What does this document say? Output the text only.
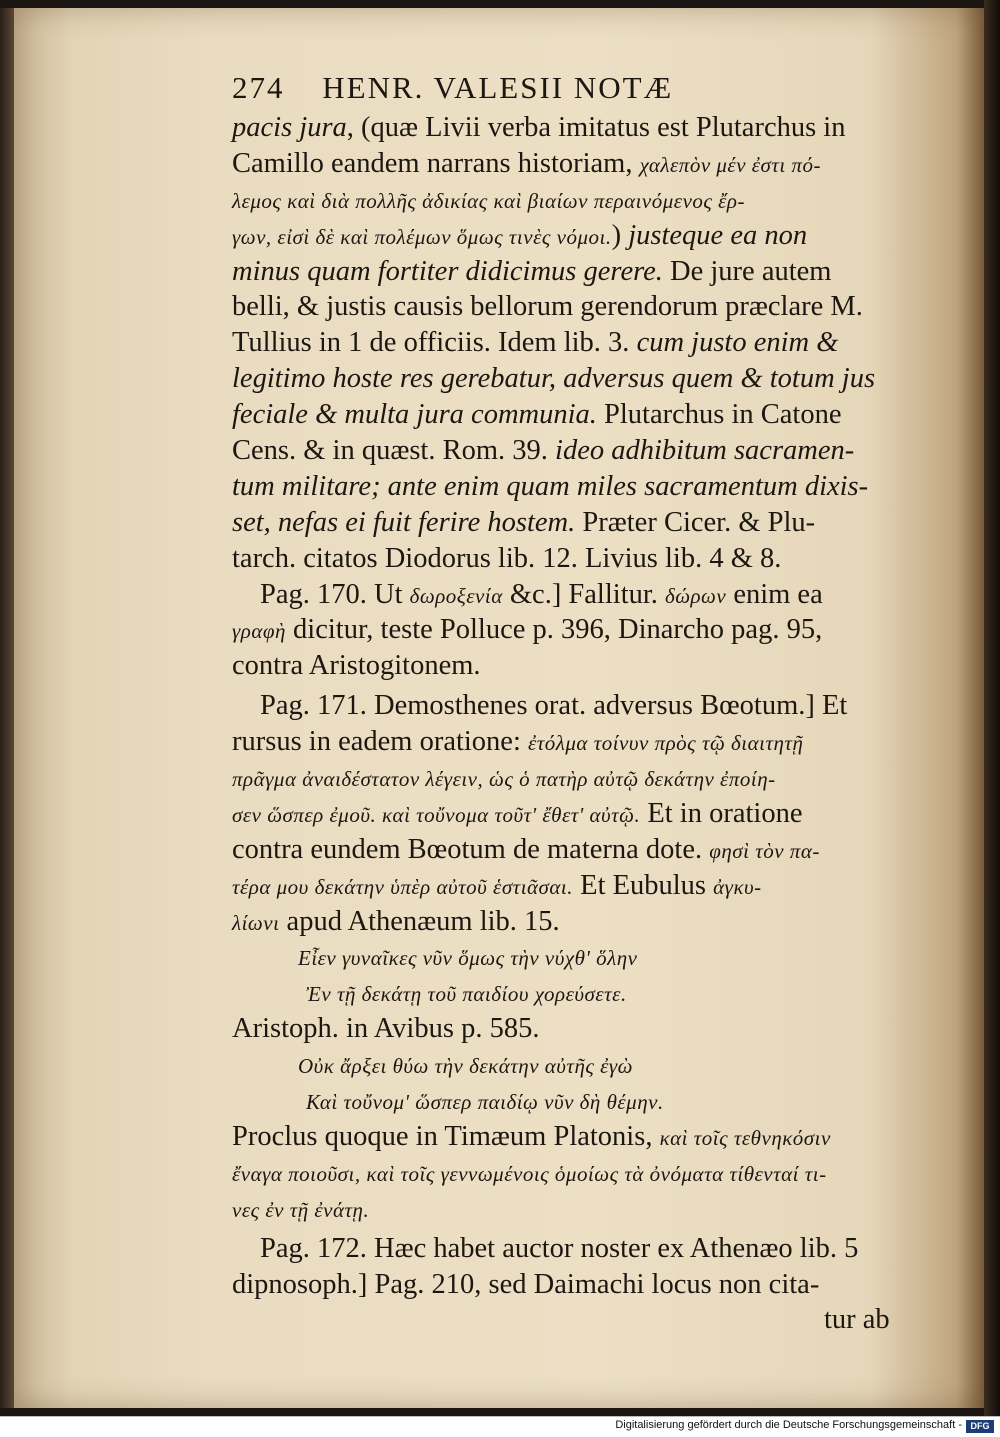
274 HENR. VALESII NOTÆ
pacis jura, (quæ Livii verba imitatus est Plutarchus in
Camillo eandem narrans historiam, χαλεπὸν μέν ἐστι πό-
λεμος καὶ διὰ πολλῆς ἀδικίας καὶ βιαίων περαινόμενος ἔρ-
γων, εἰσὶ δὲ καὶ πολέμων ὅμως τινὲς νόμοι.) justeque ea non
minus quam fortiter didicimus gerere. De jure autem
belli, & justis causis bellorum gerendorum præclare M.
Tullius in 1 de officiis. Idem lib. 3. cum justo enim &
legitimo hoste res gerebatur, adversus quem & totum jus
feciale & multa jura communia. Plutarchus in Catone
Cens. & in quæst. Rom. 39. ideo adhibitum sacramen-
tum militare; ante enim quam miles sacramentum dixis-
set, nefas ei fuit ferire hostem. Præter Cicer. & Plu-
tarch. citatos Diodorus lib. 12. Livius lib. 4 & 8.
Pag. 170. Ut δωροξενία &c.] Fallitur. δώρων enim ea
γραφὴ dicitur, teste Polluce p. 396, Dinarcho pag. 95,
contra Aristogitonem.
Pag. 171. Demosthenes orat. adversus Bœotum.] Et
rursus in eadem oratione: ἐτόλμα τοίνυν πρὸς τῷ διαιτητῇ
πρᾶγμα ἀναιδέστατον λέγειν, ὡς ὁ πατὴρ αὐτῷ δεκάτην ἐποίη-
σεν ὥσπερ ἐμοῦ. καὶ τοὔνομα τοῦτ' ἔθετ' αὐτῷ. Et in oratione
contra eundem Bœotum de materna dote. φησὶ τὸν πα-
τέρα μου δεκάτην ὑπὲρ αὐτοῦ ἑστιᾶσαι. Et Eubulus ἀγκυ-
λίωνι apud Athenæum lib. 15.
Εἶεν γυναῖκες νῦν ὅμως τὴν νύχθ' ὅλην
Ἐν τῇ δεκάτῃ τοῦ παιδίου χορεύσετε.
Aristoph. in Avibus p. 585.
Οὐκ ἄρξει θύω τὴν δεκάτην αὐτῆς ἐγὼ
Καὶ τοὔνομ' ὥσπερ παιδίῳ νῦν δὴ θέμην.
Proclus quoque in Timæum Platonis, καὶ τοῖς τεθνηκόσιν
ἔναγα ποιοῦσι, καὶ τοῖς γεννωμένοις ὁμοίως τὰ ὀνόματα τίθενταί τι-
νες ἐν τῇ ἐνάτῃ.
Pag. 172. Hæc habet auctor noster ex Athenæo lib. 5
dipnosoph.] Pag. 210, sed Daimachi locus non cita-
tur ab
Digitalisierung gefördert durch die Deutsche Forschungsgemeinschaft - DFG
